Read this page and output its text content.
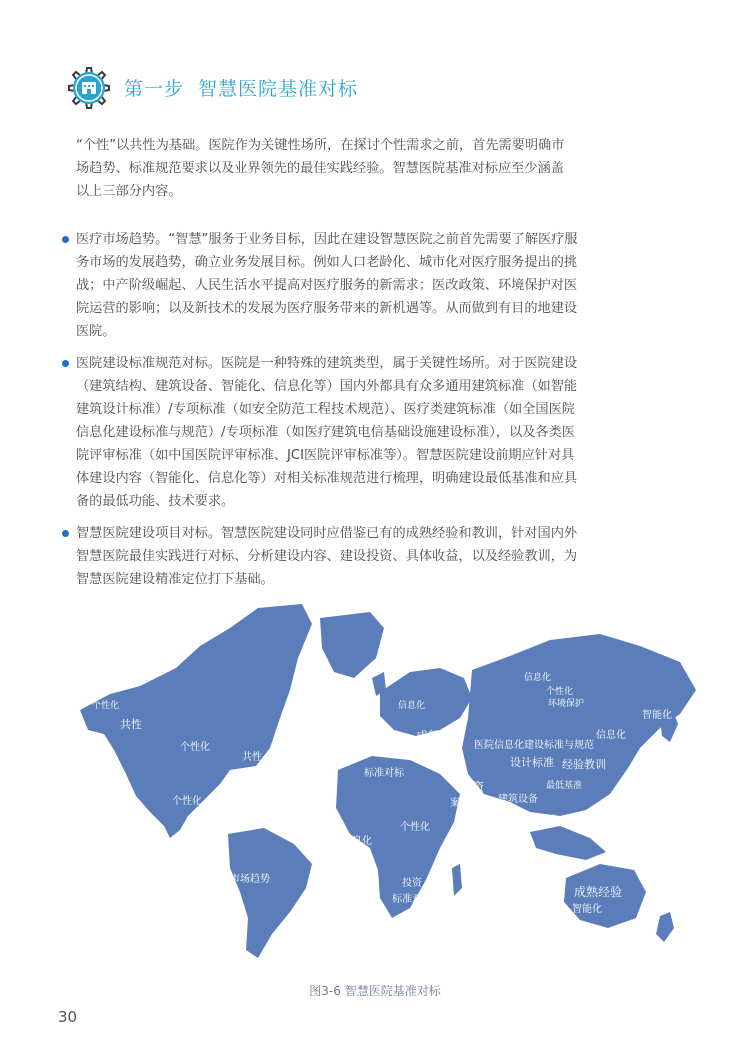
第一步 智慧医院基准对标
“个性”以共性为基础。医院作为关键性场所，在探讨个性需求之前，首先需要明确市场趋势、标准规范要求以及业界领先的最佳实践经验。智慧医院基准对标应至少涵盖以上三部分内容。
医疗市场趋势。“智慧”服务于业务目标，因此在建设智慧医院之前首先需要了解医疗服务市场的发展趋势，确立业务发展目标。例如人口老龄化、城市化对医疗服务提出的挑战；中产阶级崛起、人民生活水平提高对医疗服务的新需求；医改政策、环境保护对医院运营的影响；以及新技术的发展为医疗服务带来的新机遇等。从而做到有目的地建设医院。
医院建设标准规范对标。医院是一种特殊的建筑类型，属于关键性场所。对于医院建设（建筑结构、建筑设备、智能化、信息化等）国内外都具有众多通用建筑标准（如智能建筑设计标准）/专项标准（如安全防范工程技术规范）、医疗类建筑标准（如全国医院信息化建设标准与规范）/专项标准（如医疗建筑电信基础设施建设标准），以及各类医院评审标准（如中国医院评审标准、JCI医院评审标准等）。智慧医院建设前期应针对具体建设内容（智能化、信息化等）对相关标准规范进行梳理，明确建设最低基准和应具备的最低功能、技术要求。
智慧医院建设项目对标。智慧医院建设同时应借鉴已有的成熟经验和教训，针对国内外智慧医院最佳实践进行对标、分析建设内容、建设投资、具体收益，以及经验教训，为智慧医院建设精准定位打下基础。
个性化
共性
个性化
共性
个性化
信息化
成熟经验
标准对标
投资
案例对标
信息化
个性化
市场趋势	投资
标准对标
信息化
个性化
环境保护
智能化
信息化
医院信息化建设标准与规范
设计标准 经验教训
最低基准
建筑设备
信息化
成熟经验
智能化
图3-6 智慧医院基准对标
30
